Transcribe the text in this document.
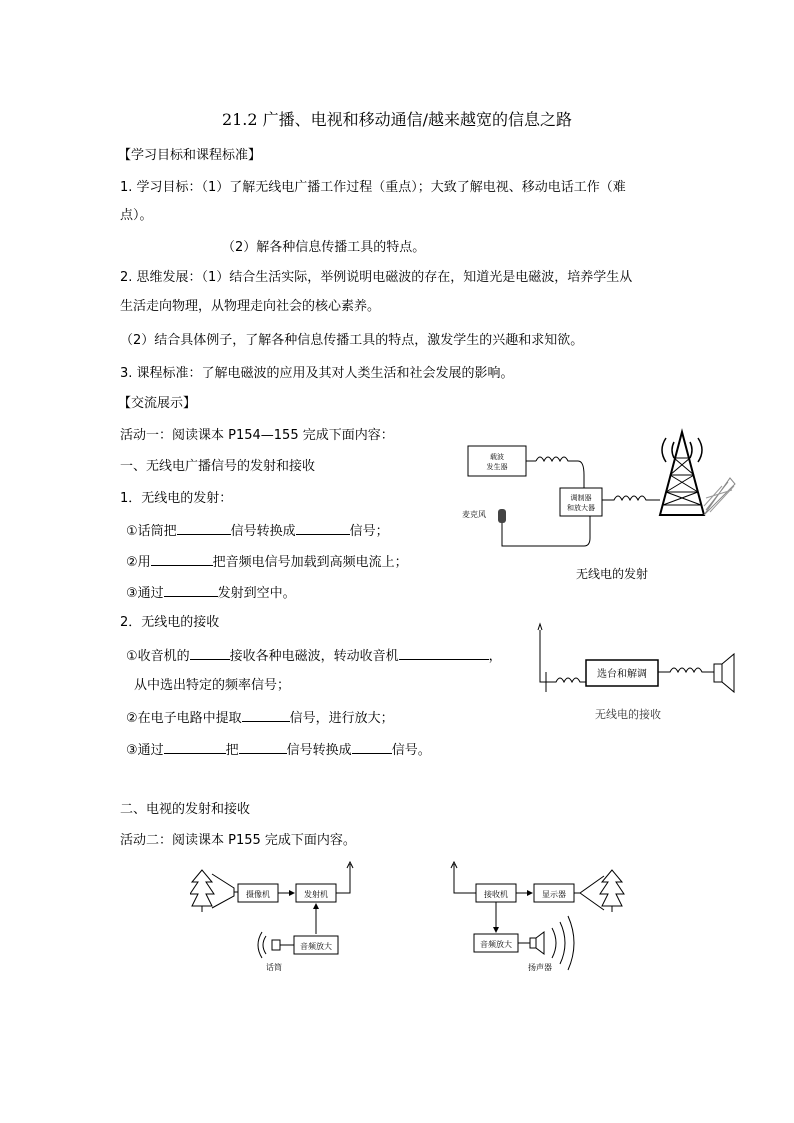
21.2 广播、电视和移动通信/越来越宽的信息之路
【学习目标和课程标准】
1. 学习目标：（1）了解无线电广播工作过程（重点）；大致了解电视、移动电话工作（难
点）。
（2）解各种信息传播工具的特点。
2. 思维发展：（1）结合生活实际，举例说明电磁波的存在，知道光是电磁波，培养学生从
生活走向物理，从物理走向社会的核心素养。
（2）结合具体例子，了解各种信息传播工具的特点，激发学生的兴趣和求知欲。
3. 课程标准：了解电磁波的应用及其对人类生活和社会发展的影响。
【交流展示】
活动一：阅读课本 P154—155 完成下面内容：
一、无线电广播信号的发射和接收
1．无线电的发射：
①话筒把	信号转换成	信号；
②用	把音频电信号加载到高频电流上；
③通过	发射到空中。
2．无线电的接收
①收音机的	接收各种电磁波，转动收音机	，
从中选出特定的频率信号；
②在电子电路中提取	信号，进行放大；
③通过	把	信号转换成	信号。
二、电视的发射和接收
活动二：阅读课本 P155 完成下面内容。
载波
发生器
调制器
和放大器
麦克风
无线电的发射
选台和解调
无线电的接收
摄像机	发射机
音频放大
话筒
接收机	显示器
音频放大
扬声器
